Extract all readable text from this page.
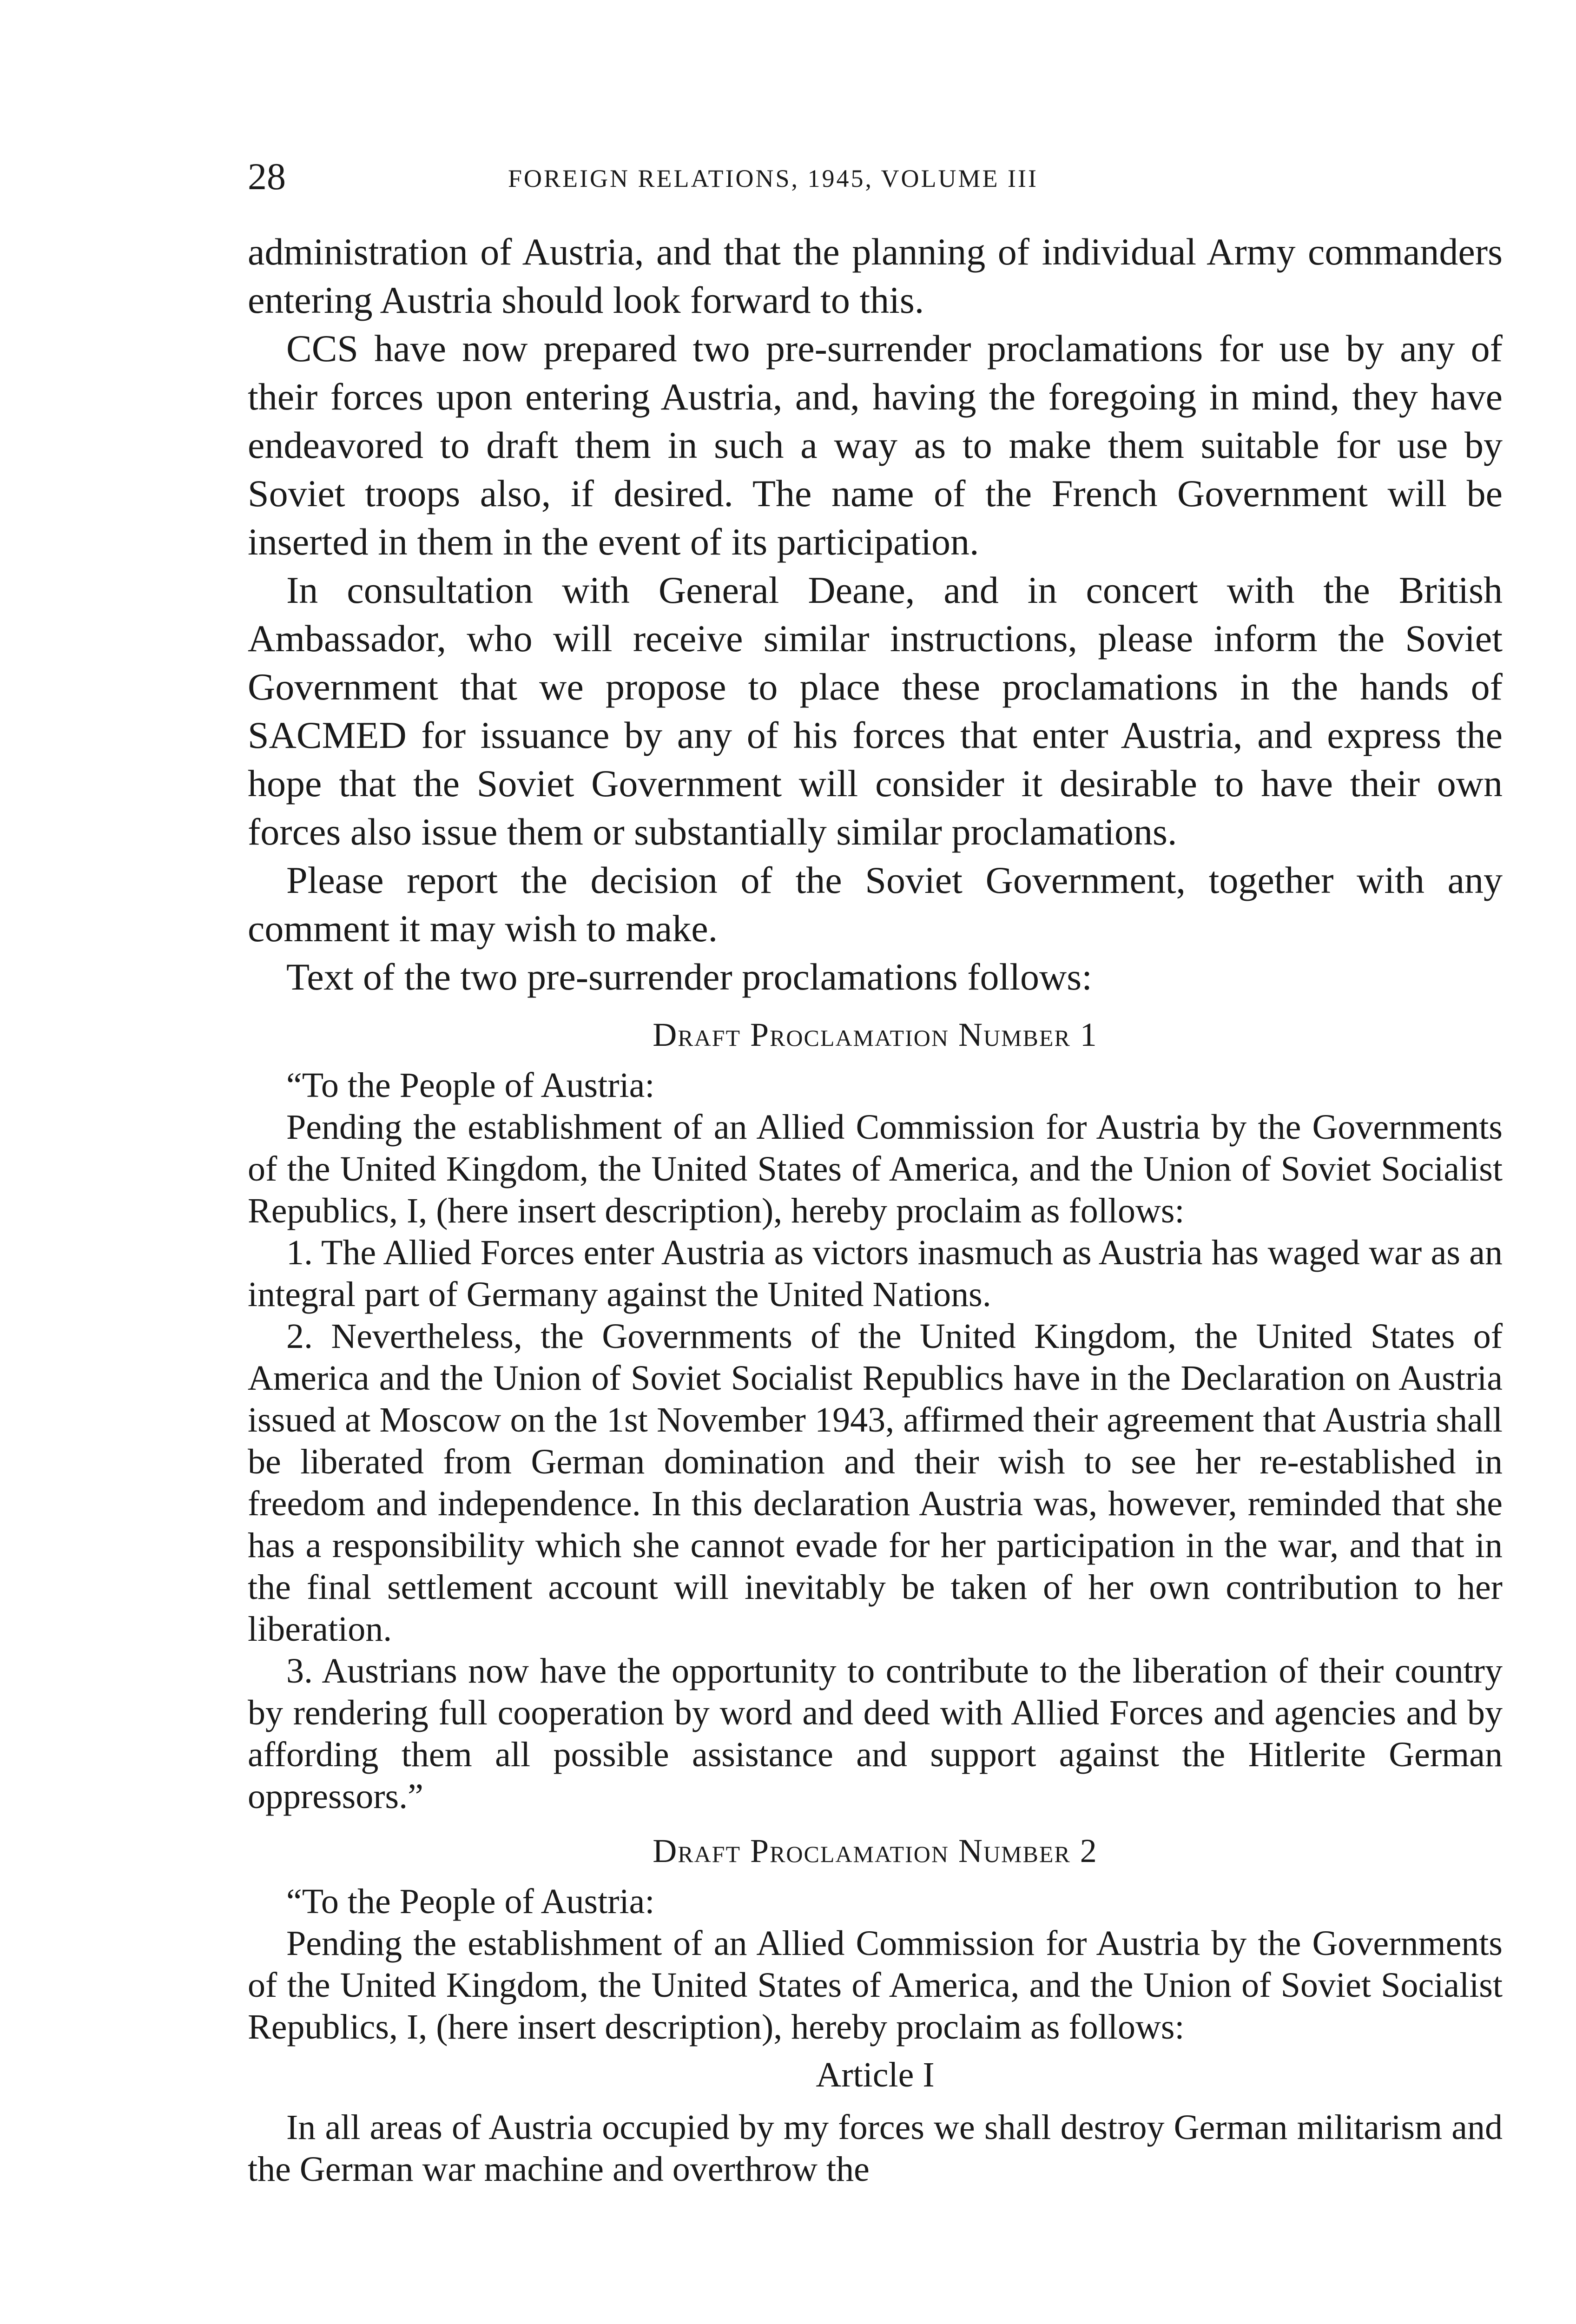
28	FOREIGN RELATIONS, 1945, VOLUME III

administration of Austria, and that the planning of individual Army commanders entering Austria should look forward to this.

CCS have now prepared two pre-surrender proclamations for use by any of their forces upon entering Austria, and, having the foregoing in mind, they have endeavored to draft them in such a way as to make them suitable for use by Soviet troops also, if desired. The name of the French Government will be inserted in them in the event of its participation.

In consultation with General Deane, and in concert with the British Ambassador, who will receive similar instructions, please inform the Soviet Government that we propose to place these proclamations in the hands of SACMED for issuance by any of his forces that enter Austria, and express the hope that the Soviet Government will consider it desirable to have their own forces also issue them or substantially similar proclamations.

Please report the decision of the Soviet Government, together with any comment it may wish to make.

Text of the two pre-surrender proclamations follows:

Draft Proclamation Number 1

“To the People of Austria:

Pending the establishment of an Allied Commission for Austria by the Governments of the United Kingdom, the United States of America, and the Union of Soviet Socialist Republics, I, (here insert description), hereby proclaim as follows:

1. The Allied Forces enter Austria as victors inasmuch as Austria has waged war as an integral part of Germany against the United Nations.

2. Nevertheless, the Governments of the United Kingdom, the United States of America and the Union of Soviet Socialist Republics have in the Declaration on Austria issued at Moscow on the 1st November 1943, affirmed their agreement that Austria shall be liberated from German domination and their wish to see her re-established in freedom and independence. In this declaration Austria was, however, reminded that she has a responsibility which she cannot evade for her participation in the war, and that in the final settlement account will inevitably be taken of her own contribution to her liberation.

3. Austrians now have the opportunity to contribute to the liberation of their country by rendering full cooperation by word and deed with Allied Forces and agencies and by affording them all possible assistance and support against the Hitlerite German oppressors.”

Draft Proclamation Number 2

“To the People of Austria:

Pending the establishment of an Allied Commission for Austria by the Governments of the United Kingdom, the United States of America, and the Union of Soviet Socialist Republics, I, (here insert description), hereby proclaim as follows:

Article I

In all areas of Austria occupied by my forces we shall destroy German militarism and the German war machine and overthrow the
